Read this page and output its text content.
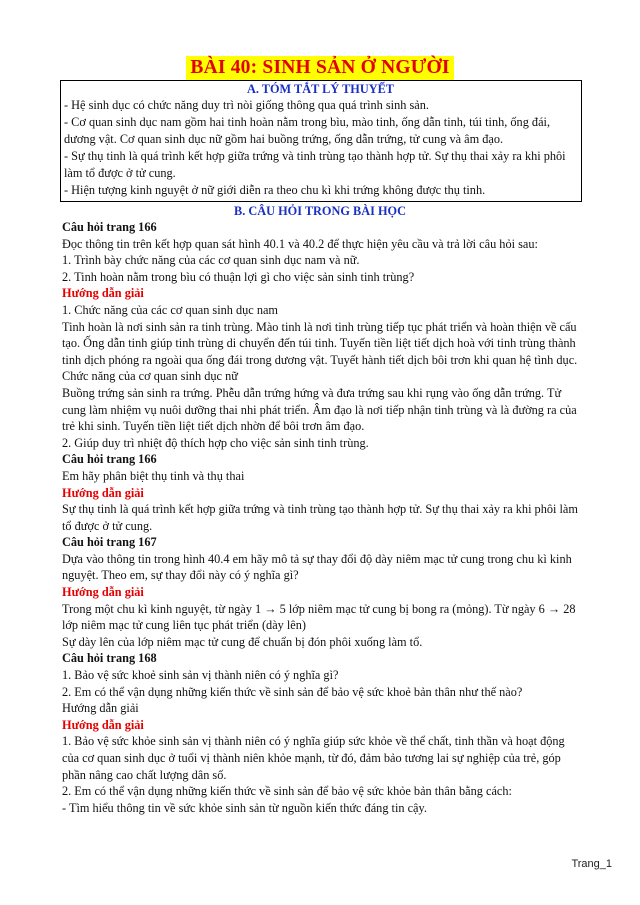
BÀI 40: SINH SẢN Ở NGƯỜI
A. TÓM TẮT LÝ THUYẾT

- Hệ sinh dục có chức năng duy trì nòi giống thông qua quá trình sinh sản.

- Cơ quan sinh dục nam gồm hai tinh hoàn nằm trong bìu, mào tinh, ống dẫn tinh, túi tinh, ống đái, dương vật. Cơ quan sinh dục nữ gồm hai buồng trứng, ống dẫn trứng, tử cung và âm đạo.

- Sự thụ tinh là quá trình kết hợp giữa trứng và tinh trùng tạo thành hợp tử. Sự thụ thai xảy ra khi phôi làm tổ được ở tử cung.

- Hiện tượng kinh nguyệt ở nữ giới diễn ra theo chu kì khi trứng không được thụ tinh.

B. CÂU HỎI TRONG BÀI HỌC

Câu hỏi trang 166

Đọc thông tin trên kết hợp quan sát hình 40.1 và 40.2 để thực hiện yêu cầu và trả lời câu hỏi sau:

1. Trình bày chức năng của các cơ quan sinh dục nam và nữ.

2. Tinh hoàn nằm trong bìu có thuận lợi gì cho việc sản sinh tinh trùng?

Hướng dẫn giải

1. Chức năng của các cơ quan sinh dục nam

Tinh hoàn là nơi sinh sản ra tinh trùng. Mào tinh là nơi tinh trùng tiếp tục phát triển và hoàn thiện về cấu tạo. Ống dẫn tinh giúp tinh trùng di chuyển đến túi tinh. Tuyến tiền liệt tiết dịch hoà với tinh trùng thành tinh dịch phóng ra ngoài qua ống đái trong dương vật. Tuyết hành tiết dịch bôi trơn khi quan hệ tình dục.

Chức năng của cơ quan sinh dục nữ

Buồng trứng sản sinh ra trứng. Phễu dẫn trứng hứng và đưa trứng sau khi rụng vào ống dẫn trứng. Tử cung làm nhiệm vụ nuôi dưỡng thai nhi phát triển. Âm đạo là nơi tiếp nhận tinh trùng và là đường ra của trẻ khi sinh. Tuyến tiền liệt tiết dịch nhờn để bôi trơn âm đạo.

2. Giúp duy trì nhiệt độ thích hợp cho việc sản sinh tinh trùng.

Câu hỏi trang 166

Em hãy phân biệt thụ tinh và thụ thai

Hướng dẫn giải

Sự thụ tinh là quá trình kết hợp giữa trứng và tinh trùng tạo thành hợp tử. Sự thụ thai xảy ra khi phôi làm tổ được ở tử cung.

Câu hỏi trang 167

Dựa vào thông tin trong hình 40.4 em hãy mô tả sự thay đổi độ dày niêm mạc tử cung trong chu kì kinh nguyệt. Theo em, sự thay đổi này có ý nghĩa gì?

Hướng dẫn giải

Trong một chu kì kinh nguyệt, từ ngày 1 → 5 lớp niêm mạc tử cung bị bong ra (mỏng). Từ ngày 6 → 28 lớp niêm mạc tử cung liên tục phát triển (dày lên)

Sự dày lên của lớp niêm mạc tử cung để chuẩn bị đón phôi xuống làm tổ.

Câu hỏi trang 168

1. Bảo vệ sức khoẻ sinh sản vị thành niên có ý nghĩa gì?

2. Em có thể vận dụng những kiến thức về sinh sản để bảo vệ sức khoẻ bản thân như thế nào?

Hướng dẫn giải

Hướng dẫn giải

1. Bảo vệ sức khỏe sinh sản vị thành niên có ý nghĩa giúp sức khỏe về thể chất, tinh thần và hoạt động của cơ quan sinh dục ở tuổi vị thành niên khỏe mạnh, từ đó, đảm bảo tương lai sự nghiệp của trẻ, góp phần nâng cao chất lượng dân số.

2. Em có thể vận dụng những kiến thức về sinh sản để bảo vệ sức khỏe bản thân bằng cách:

- Tìm hiểu thông tin về sức khỏe sinh sản từ nguồn kiến thức đáng tin cậy.

Trang_1
